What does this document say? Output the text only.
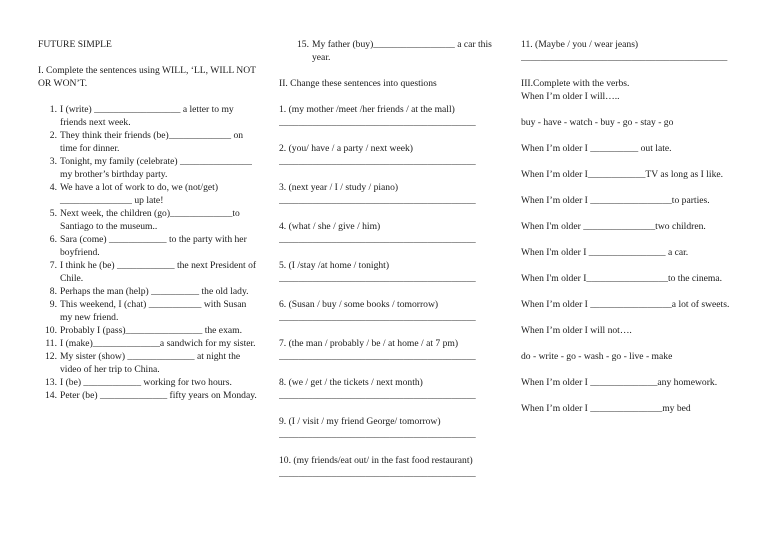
FUTURE SIMPLE

I. Complete the sentences using WILL, ‘LL, WILL NOT OR WON’T.

1. I (write) __________________ a letter to my friends next week.
2. They think their friends (be)_____________ on time for dinner.
3. Tonight, my family (celebrate) _______________ my brother’s birthday party.
4. We have a lot of work to do, we (not/get) _______________ up late!
5. Next week, the children (go)_____________to Santiago to the museum..
6. Sara (come) ____________ to the party with her boyfriend.
7. I think he (be) ____________ the next President of Chile.
8. Perhaps the man (help) __________ the old lady.
9. This weekend, I (chat) ___________ with Susan my new friend.
10. Probably I (pass)________________ the exam.
11. I (make)______________a sandwich for my sister.
12. My sister (show) ______________ at night the video of her trip to China.
13. I (be) ____________ working for two hours.
14. Peter (be) ______________ fifty years on Monday.
15. My father (buy)_________________ a car this year.

II. Change these sentences into questions

1. (my mother /meet /her friends / at the mall)

_________________________________________

2. (you/ have / a party / next week)

_________________________________________

3. (next year / I / study / piano)

_________________________________________

4. (what / she / give / him)

_________________________________________

5. (I /stay /at home / tonight)

_________________________________________

6. (Susan / buy / some books / tomorrow)

_________________________________________

7. (the man / probably / be / at home / at 7 pm)

_________________________________________

8. (we / get / the tickets / next month)

_________________________________________

9. (I / visit / my friend George/ tomorrow)

_________________________________________

10. (my friends/eat out/ in the fast food restaurant)

_________________________________________

11. (Maybe / you / wear jeans)

___________________________________________

III.Complete with the verbs.

When I’m older I will…..

buy - have - watch - buy - go - stay - go

When I’m older I __________ out late.

When I’m older I____________TV as long as I like.

When I’m older I _________________to parties.

When I'm older _______________two children.

When I'm older I ________________ a car.

When I'm older I_________________to the cinema.

When I’m older I _________________a lot of sweets.

When I’m older I will not….

do - write - go - wash - go - live - make

When I’m older I ______________any homework.

When I’m older I _______________my bed
